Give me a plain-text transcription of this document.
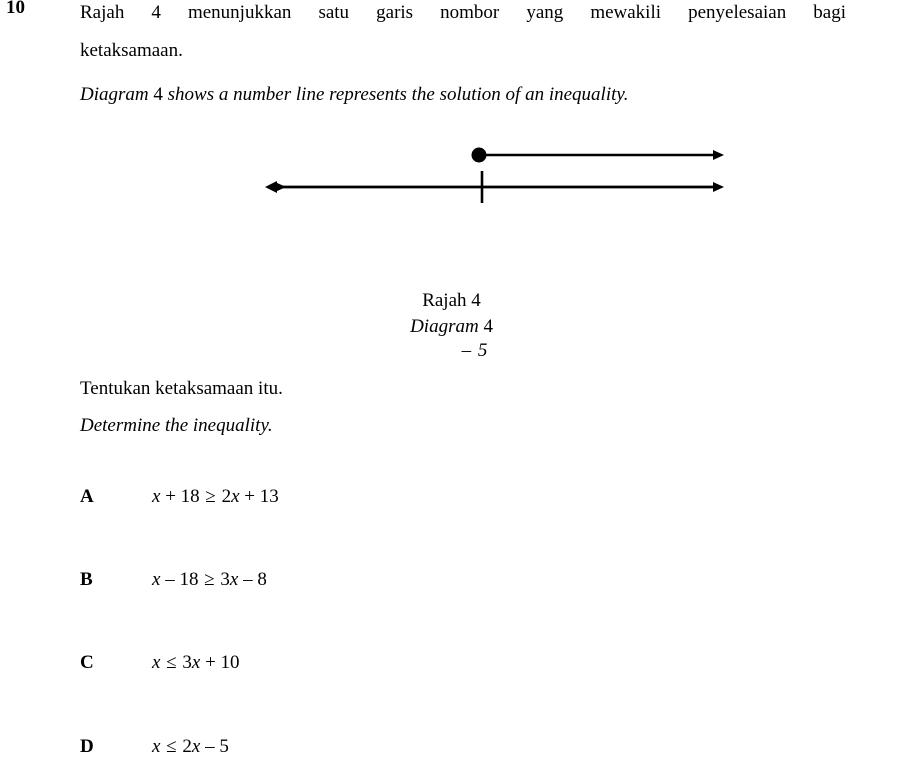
10	Rajah 4 menunjukkan satu garis nombor yang mewakili penyelesaian bagi
ketaksamaan.
Diagram 4 shows a number line represents the solution of an inequality.
– 5
Rajah 4
Diagram 4
Tentukan ketaksamaan itu.
Determine the inequality.
A	x + 18 ≥ 2x + 13
B	x – 18 ≥ 3x – 8
C	x ≤ 3x + 10
D	x ≤ 2x – 5
